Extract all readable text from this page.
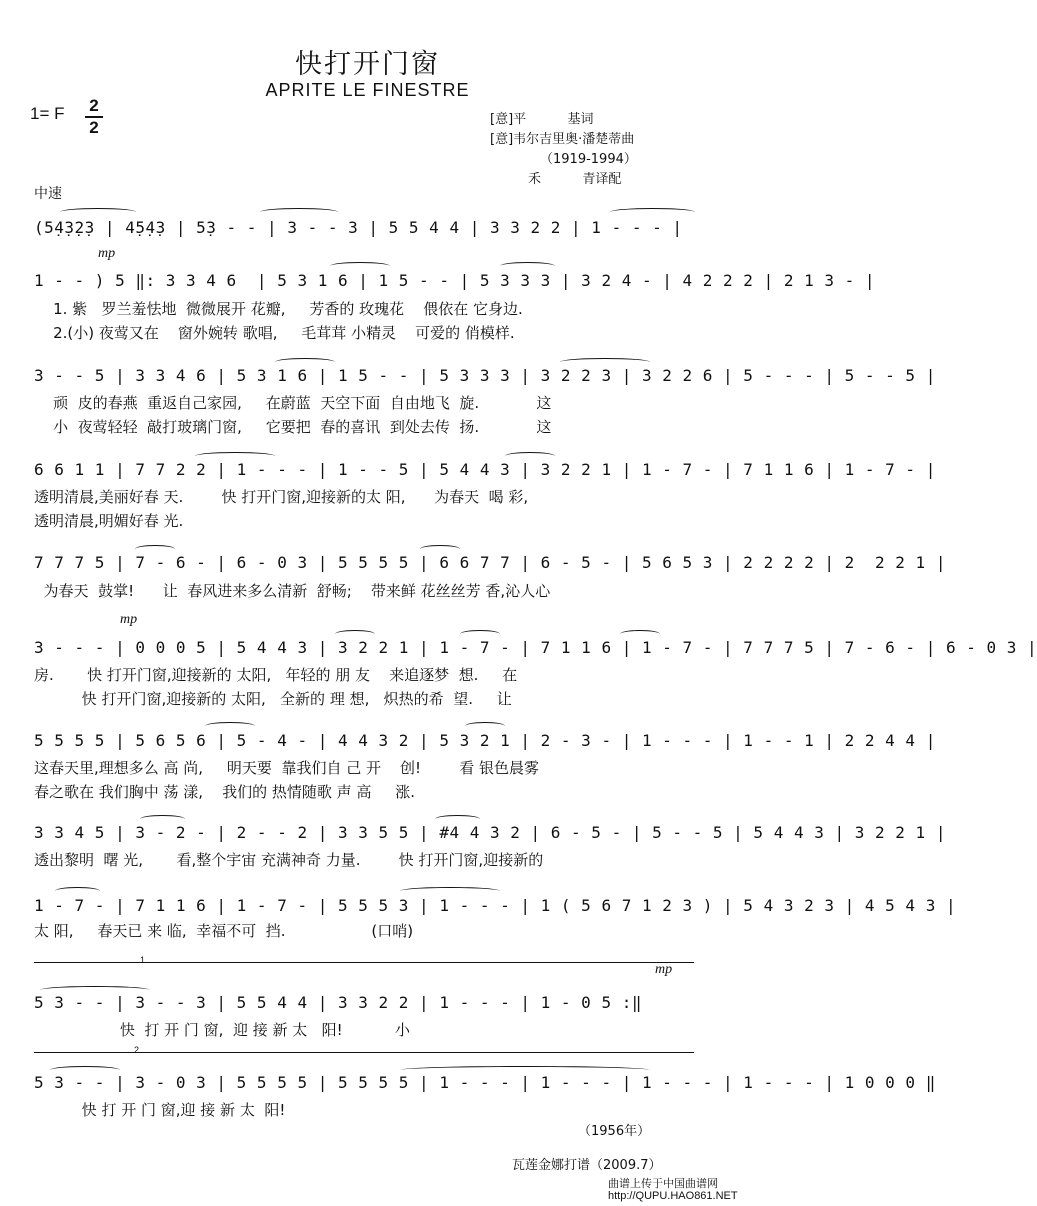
快打开门窗
APRITE LE FINESTRE
1= F	2
2	[意]平          基词
[意]韦尔吉里奥·潘楚蒂曲
（1919-1994）
禾          青译配
中速
(5̣4̣3̣2̣3 | 4̣5̣4̣3 | 5̣3 - - | 3 - - 3 | 5 5 4 4 | 3 3 2 2 | 1 - - - |
mp
1 - - ) 5 ‖: 3 3 4 6  | 5 3 1 6 | 1 5 - - | 5 3 3 3 | 3 2 4 - | 4 2 2 2 | 2 1 3 - |
1. 紫   罗兰羞怯地  微微展开 花瓣,     芳香的 玫瑰花    偎依在 它身边.
2.(小) 夜莺又在    窗外婉转 歌唱,     毛茸茸 小精灵    可爱的 俏模样.
3 - - 5 | 3 3 4 6 | 5 3 1 6 | 1 5 - - | 5 3 3 3 | 3 2 2 3 | 3 2 2 6 | 5 - - - | 5 - - 5 |
顽  皮的春燕  重返自己家园,     在蔚蓝  天空下面  自由地飞  旋.            这
小  夜莺轻轻  敲打玻璃门窗,     它要把  春的喜讯  到处去传  扬.            这
6 6 1 1 | 7 7 2 2 | 1 - - - | 1 - - 5 | 5 4 4 3 | 3 2 2 1 | 1 - 7 - | 7 1 1 6 | 1 - 7 - |
透明清晨,美丽好春 天.        快 打开门窗,迎接新的太 阳,      为春天  喝 彩,
透明清晨,明媚好春 光.
7 7 7 5 | 7 - 6 - | 6 - 0 3 | 5 5 5 5 | 6 6 7 7 | 6 - 5 - | 5 6 5 3 | 2 2 2 2 | 2  2 2 1 |
为春天  鼓掌!      让  春风进来多么清新  舒畅;    带来鲜 花丝丝芳 香,沁人心
mp
3 - - - | 0 0 0 5 | 5 4 4 3 | 3 2 2 1 | 1 - 7 - | 7 1 1 6 | 1 - 7 - | 7 7 7 5 | 7 - 6 - | 6 - 0 3 |
房.       快 打开门窗,迎接新的 太阳,   年轻的 朋 友    来追逐梦  想.     在
快 打开门窗,迎接新的 太阳,   全新的 理 想,   炽热的希  望.     让
5 5 5 5 | 5 6 5 6 | 5 - 4 - | 4 4 3 2 | 5 3 2 1 | 2 - 3 - | 1 - - - | 1 - - 1 | 2 2 4 4 |
这春天里,理想多么 高 尚,     明天要  靠我们自 己 开    创!        看 银色晨雾
春之歌在 我们胸中 荡 漾,    我们的 热情随歌 声 高     涨.
3 3 4 5 | 3 - 2 - | 2 - - 2 | 3 3 5 5 | #4 4 3 2 | 6 - 5 - | 5 - - 5 | 5 4 4 3 | 3 2 2 1 |
透出黎明  曙 光,       看,整个宇宙 充满神奇 力量.        快 打开门窗,迎接新的
1 - 7 - | 7 1 1 6 | 1 - 7 - | 5 5 5 3 | 1 - - - | 1 ( 5 6 7 1 2 3 ) | 5 4 3 2 3 | 4 5 4 3 |
太 阳,     春天已 来 临,  幸福不可  挡.                  (口哨)
1
mp
5 3 - - | 3 - - 3 | 5 5 4 4 | 3 3 2 2 | 1 - - - | 1 - 0 5 :‖
快  打 开 门 窗,  迎 接 新 太   阳!           小
2
5 3 - - | 3 - 0 3 | 5 5 5 5 | 5 5 5 5 | 1 - - - | 1 - - - | 1 - - - | 1 - - - | 1 0 0 0 ‖
快 打 开 门 窗,迎 接 新 太  阳!
（1956年）
瓦莲金娜打谱（2009.7）
曲谱上传于中国曲谱网
http://QUPU.HAO861.NET
